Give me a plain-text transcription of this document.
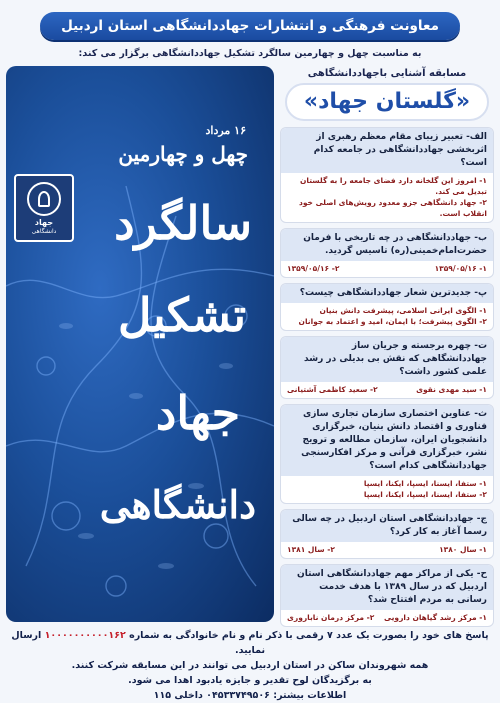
معاونت فرهنگی و انتشارات جهاددانشگاهی استان اردبیل
به مناسبت چهل و چهارمین سالگرد تشکیل جهاددانشگاهی برگزار می کند:
جهاد
دانشگاهی
۱۶ مرداد
چهل و چهارمین
سالگرد
تشکیل
جهاد
دانشگاهی
مسابقه آشنایی باجهاددانشگاهی
«گلستان جهاد»
الف- تعبیر زیبای مقام معظم رهبری از اثربخشی جهاددانشگاهی در جامعه کدام است؟
۱- امروز این گلخانه دارد فضای جامعه را به گلستان تبدیل می کند.
۲- جهاد دانشگاهی جزو معدود رویش‌های اصلی خود انقلاب است.
ب- جهاددانشگاهی در چه تاریخی با فرمان حضرت‌امام‌خمینی(ره) تاسیس گردید.
۱- ۱۳۵۹/۰۵/۱۶
۲- ۱۳۵۹/۰۵/۱۶
پ- جدیدترین شعار جهاددانشگاهی چیست؟
۱- الگوی ایرانی اسلامی، پیشرفت دانش بنیان
۲- الگوی پیشرفت؛ با ایمان، امید و اعتماد به جوانان
ت- چهره برجسته و جریان ساز جهاددانشگاهی که نقش بی بدیلی در رشد علمی کشور داشت؟
۱- سید مهدی نقوی
۲- سعید کاظمی آشتیانی
ث- عناوین اختصاری سازمان تجاری سازی فناوری و اقتصاد دانش بنیان، خبرگزاری دانشجویان ایران، سازمان مطالعه و ترویج نشر، خبرگزاری قرآنی و مرکز افکارسنجی جهاددانشگاهی کدام است؟
۱- ستفا، ایسنا، ایسپا، ایکنا، ایسپا
۲- ستفا، ایسنا، ایسپا، ایکنا، ایسپا
ج- جهاددانشگاهی استان اردبیل در چه سالی رسما آغاز به کار کرد؟
۱- سال ۱۳۸۰
۲- سال ۱۳۸۱
ح- یکی از مراکز مهم جهاددانشگاهی استان اردبیل که در سال ۱۳۸۹ با هدف خدمت رسانی به مردم افتتاح شد؟
۱- مرکز رشد گیاهان دارویی
۲- مرکز درمان ناباروری
پاسخ های خود را بصورت یک عدد ۷ رقمی با ذکر نام و نام خانوادگی به شماره ۱۰۰۰۰۰۰۰۰۰۰۱۶۲ ارسال نمایید.
همه شهروندان ساکن در استان اردبیل می توانند در این مسابقه شرکت کنند.
به برگزیدگان لوح تقدیر و جایزه یادبود اهدا می شود.
اطلاعات بیشتر: ۰۴۵۳۳۷۴۹۵۰۶ داخلی ۱۱۵
